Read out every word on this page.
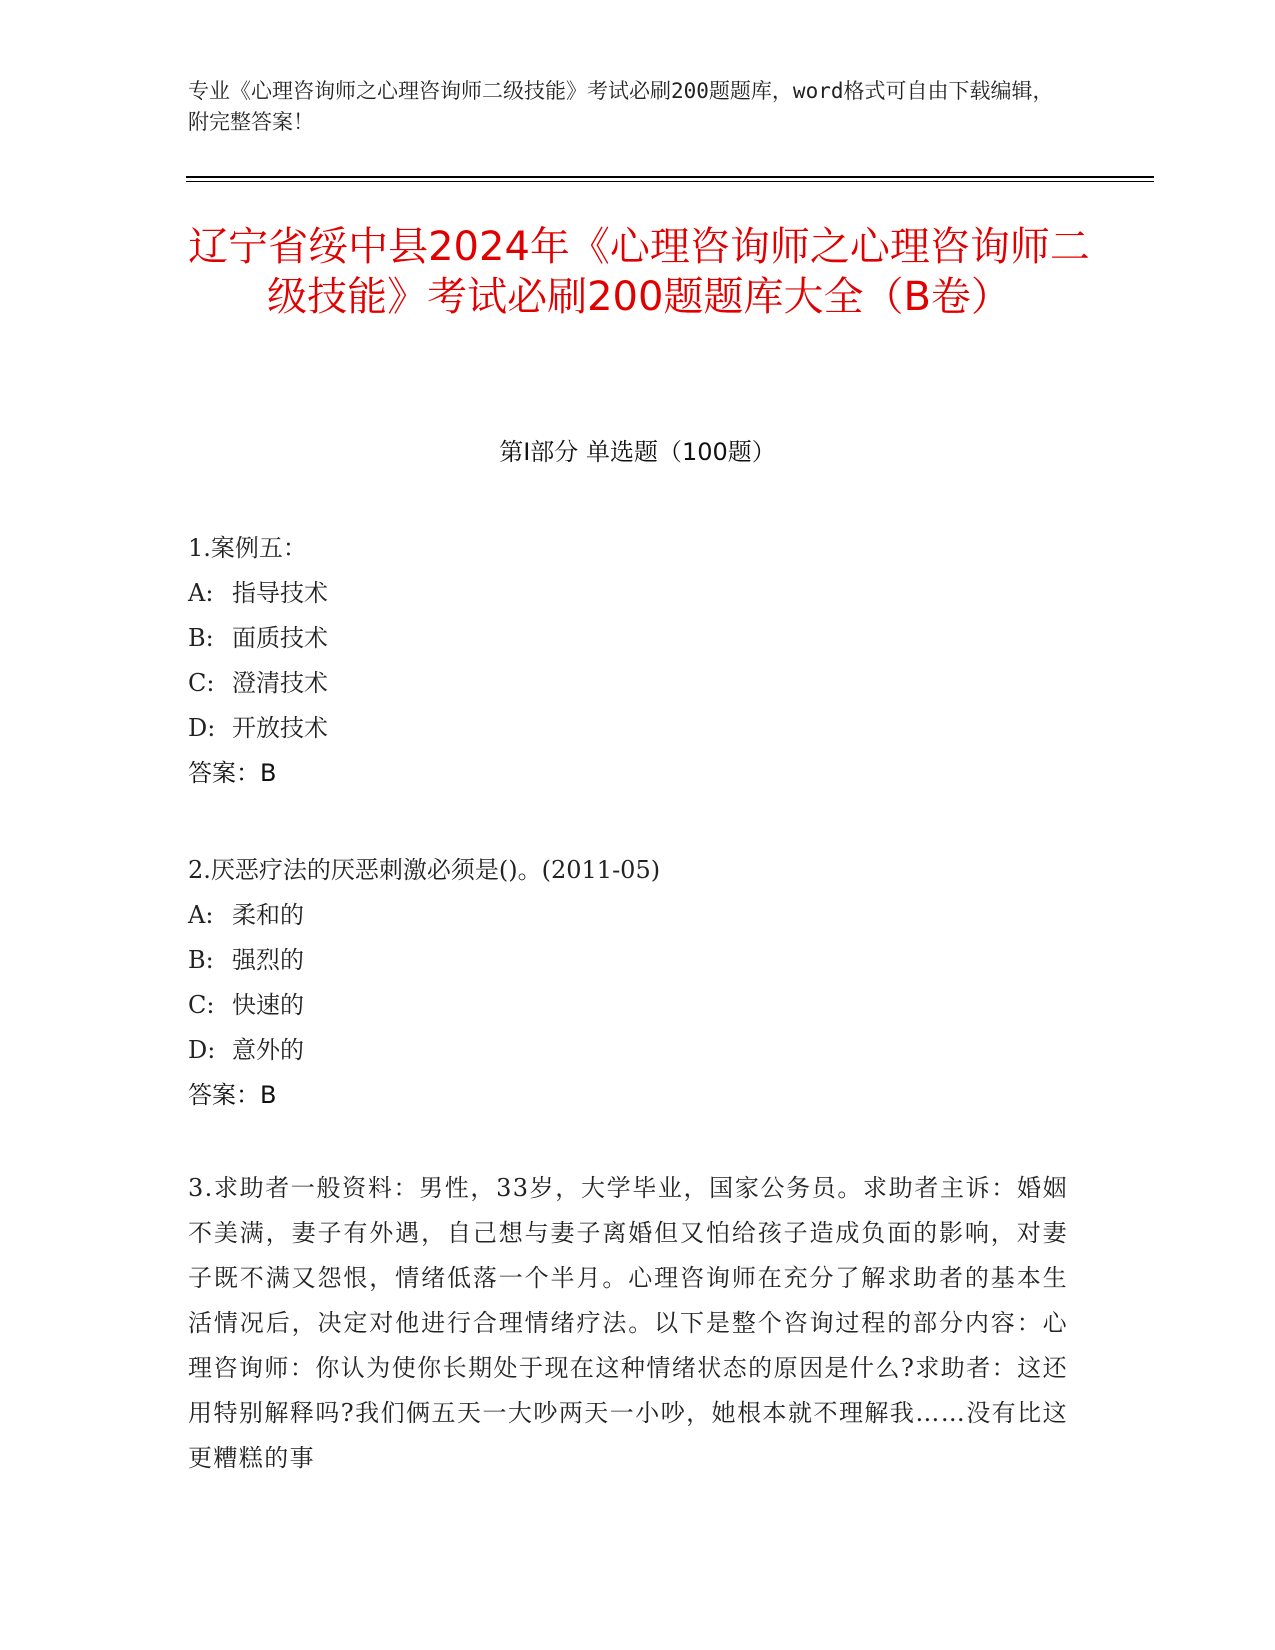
专业《心理咨询师之心理咨询师二级技能》考试必刷200题题库，word格式可自由下载编辑，附完整答案！
辽宁省绥中县2024年《心理咨询师之心理咨询师二级技能》考试必刷200题题库大全（B卷）
第I部分 单选题（100题）
1.案例五：
A: 指导技术
B: 面质技术
C: 澄清技术
D: 开放技术
答案：B
2.厌恶疗法的厌恶刺激必须是()。(2011-05)
A: 柔和的
B: 强烈的
C: 快速的
D: 意外的
答案：B
3.求助者一般资料：男性，33岁，大学毕业，国家公务员。求助者主诉：婚姻不美满，妻子有外遇，自己想与妻子离婚但又怕给孩子造成负面的影响，对妻子既不满又怨恨，情绪低落一个半月。心理咨询师在充分了解求助者的基本生活情况后，决定对他进行合理情绪疗法。以下是整个咨询过程的部分内容：心理咨询师：你认为使你长期处于现在这种情绪状态的原因是什么?求助者：这还用特别解释吗?我们俩五天一大吵两天一小吵，她根本就不理解我……没有比这更糟糕的事
